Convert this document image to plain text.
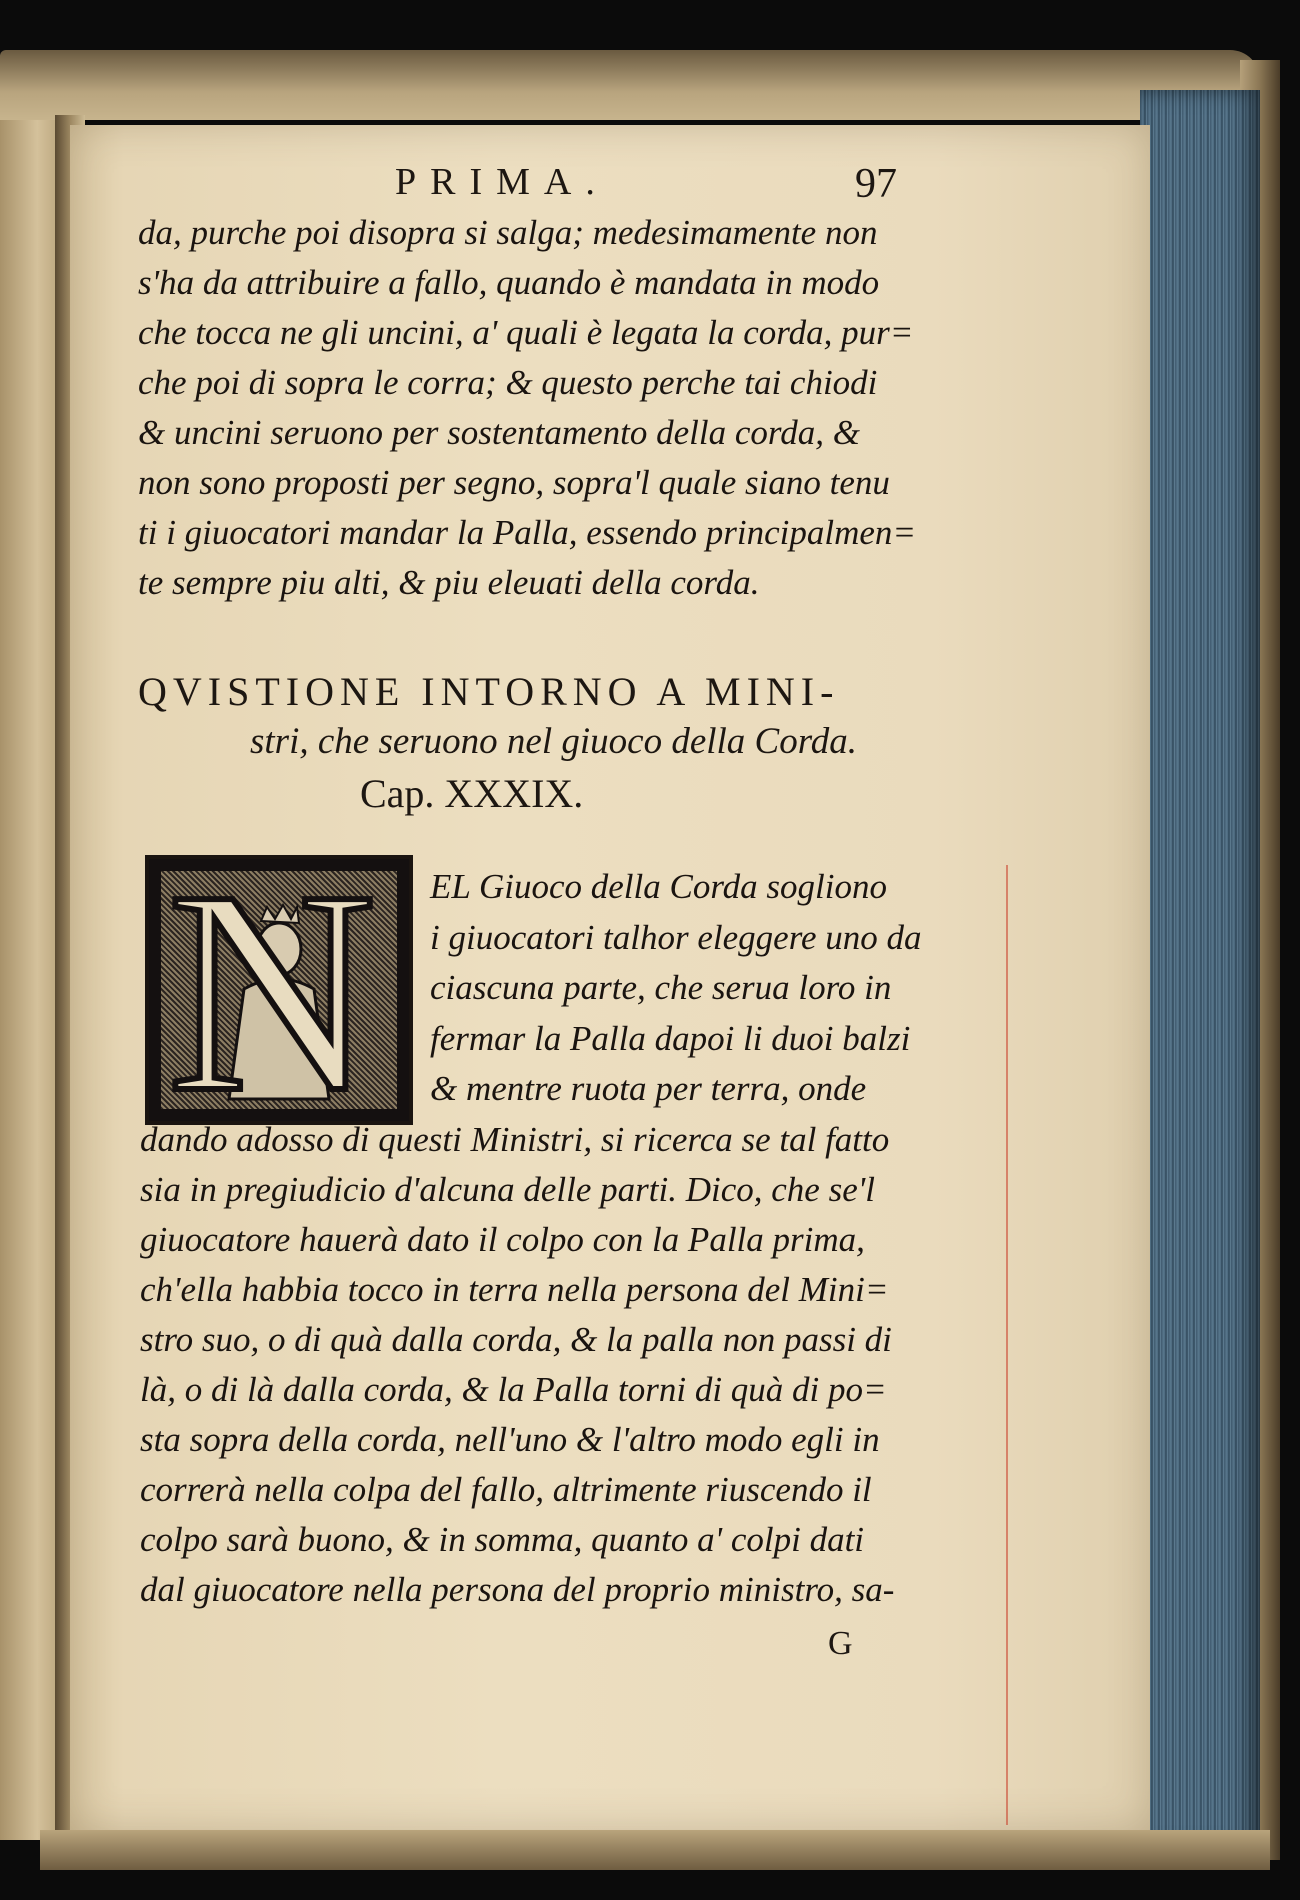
PRIMA.	97
da, purche poi disopra si salga; medesimamente non
s'ha da attribuire a fallo, quando è mandata in modo
che tocca ne gli uncini, a' quali è legata la corda, pur=
che poi di sopra le corra; & questo perche tai chiodi
& uncini seruono per sostentamento della corda, &
non sono proposti per segno, sopra'l quale siano tenu
ti i giuocatori mandar la Palla, essendo principalmen=
te sempre piu alti, & piu eleuati della corda.
QVISTIONE INTORNO A MINI-
stri, che seruono nel giuoco della Corda.
Cap. XXXIX.
N EL Giuoco della Corda sogliono
i giuocatori talhor eleggere uno da
ciascuna parte, che serua loro in
fermar la Palla dapoi li duoi balzi
& mentre ruota per terra, onde
dando adosso di questi Ministri, si ricerca se tal fatto
sia in pregiudicio d'alcuna delle parti. Dico, che se'l
giuocatore hauerà dato il colpo con la Palla prima,
ch'ella habbia tocco in terra nella persona del Mini=
stro suo, o di quà dalla corda, & la palla non passi di
là, o di là dalla corda, & la Palla torni di quà di po=
sta sopra della corda, nell'uno & l'altro modo egli in
correrà nella colpa del fallo, altrimente riuscendo il
colpo sarà buono, & in somma, quanto a' colpi dati
dal giuocatore nella persona del proprio ministro, sa-
G
